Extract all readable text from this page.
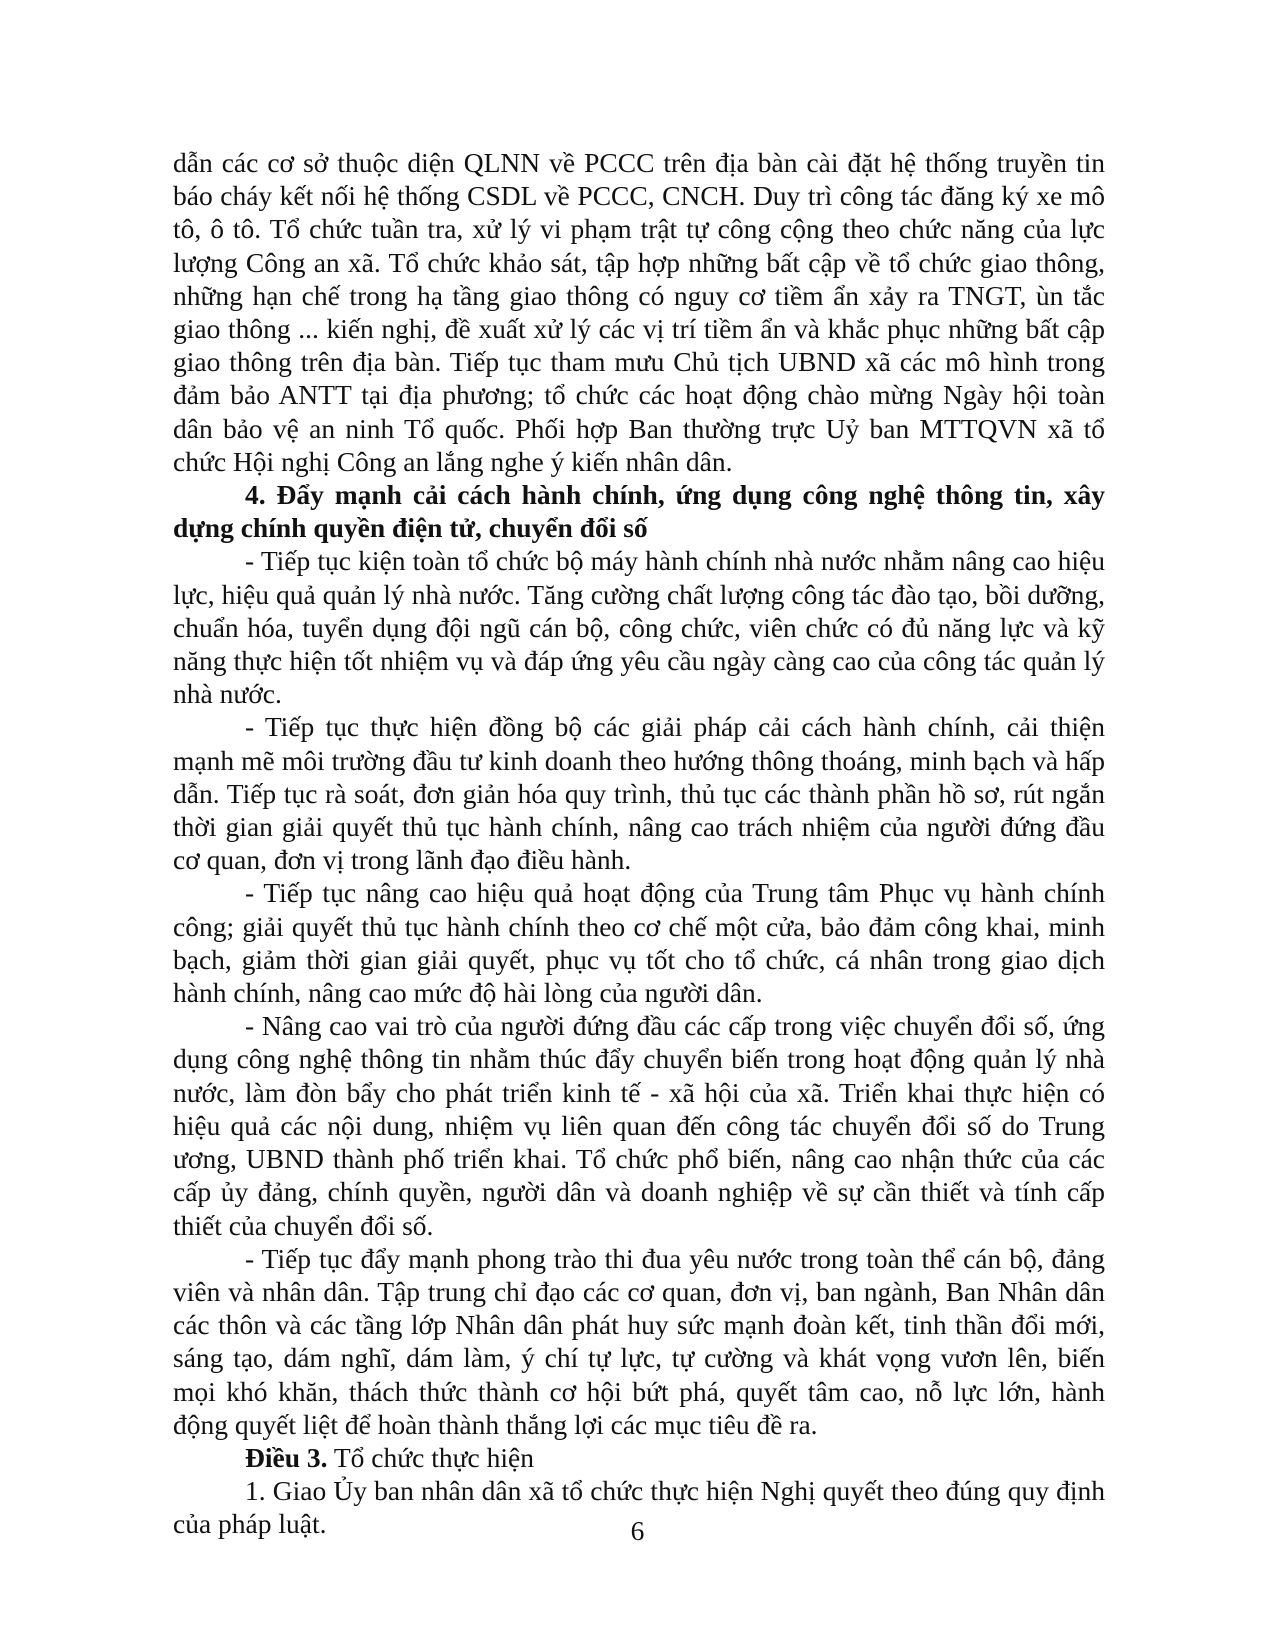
dẫn các cơ sở thuộc diện QLNN về PCCC trên địa bàn cài đặt hệ thống truyền tin báo cháy kết nối hệ thống CSDL về PCCC, CNCH. Duy trì công tác đăng ký xe mô tô, ô tô. Tổ chức tuần tra, xử lý vi phạm trật tự công cộng theo chức năng của lực lượng Công an xã. Tổ chức khảo sát, tập hợp những bất cập về tổ chức giao thông, những hạn chế trong hạ tầng giao thông có nguy cơ tiềm ẩn xảy ra TNGT, ùn tắc giao thông ... kiến nghị, đề xuất xử lý các vị trí tiềm ẩn và khắc phục những bất cập giao thông trên địa bàn. Tiếp tục tham mưu Chủ tịch UBND xã các mô hình trong đảm bảo ANTT tại địa phương; tổ chức các hoạt động chào mừng Ngày hội toàn dân bảo vệ an ninh Tổ quốc. Phối hợp Ban thường trực Uỷ ban MTTQVN xã tổ chức Hội nghị Công an lắng nghe ý kiến nhân dân.

4. Đẩy mạnh cải cách hành chính, ứng dụng công nghệ thông tin, xây dựng chính quyền điện tử, chuyển đổi số

- Tiếp tục kiện toàn tổ chức bộ máy hành chính nhà nước nhằm nâng cao hiệu lực, hiệu quả quản lý nhà nước. Tăng cường chất lượng công tác đào tạo, bồi dưỡng, chuẩn hóa, tuyển dụng đội ngũ cán bộ, công chức, viên chức có đủ năng lực và kỹ năng thực hiện tốt nhiệm vụ và đáp ứng yêu cầu ngày càng cao của công tác quản lý nhà nước.

- Tiếp tục thực hiện đồng bộ các giải pháp cải cách hành chính, cải thiện mạnh mẽ môi trường đầu tư kinh doanh theo hướng thông thoáng, minh bạch và hấp dẫn. Tiếp tục rà soát, đơn giản hóa quy trình, thủ tục các thành phần hồ sơ, rút ngắn thời gian giải quyết thủ tục hành chính, nâng cao trách nhiệm của người đứng đầu cơ quan, đơn vị trong lãnh đạo điều hành.

- Tiếp tục nâng cao hiệu quả hoạt động của Trung tâm Phục vụ hành chính công; giải quyết thủ tục hành chính theo cơ chế một cửa, bảo đảm công khai, minh bạch, giảm thời gian giải quyết, phục vụ tốt cho tổ chức, cá nhân trong giao dịch hành chính, nâng cao mức độ hài lòng của người dân.

- Nâng cao vai trò của người đứng đầu các cấp trong việc chuyển đổi số, ứng dụng công nghệ thông tin nhằm thúc đẩy chuyển biến trong hoạt động quản lý nhà nước, làm đòn bẩy cho phát triển kinh tế - xã hội của xã. Triển khai thực hiện có hiệu quả các nội dung, nhiệm vụ liên quan đến công tác chuyển đổi số do Trung ương, UBND thành phố triển khai. Tổ chức phổ biến, nâng cao nhận thức của các cấp ủy đảng, chính quyền, người dân và doanh nghiệp về sự cần thiết và tính cấp thiết của chuyển đổi số.

- Tiếp tục đẩy mạnh phong trào thi đua yêu nước trong toàn thể cán bộ, đảng viên và nhân dân. Tập trung chỉ đạo các cơ quan, đơn vị, ban ngành, Ban Nhân dân các thôn và các tầng lớp Nhân dân phát huy sức mạnh đoàn kết, tinh thần đổi mới, sáng tạo, dám nghĩ, dám làm, ý chí tự lực, tự cường và khát vọng vươn lên, biến mọi khó khăn, thách thức thành cơ hội bứt phá, quyết tâm cao, nỗ lực lớn, hành động quyết liệt để hoàn thành thắng lợi các mục tiêu đề ra.

Điều 3. Tổ chức thực hiện

1. Giao Ủy ban nhân dân xã tổ chức thực hiện Nghị quyết theo đúng quy định của pháp luật.	6
